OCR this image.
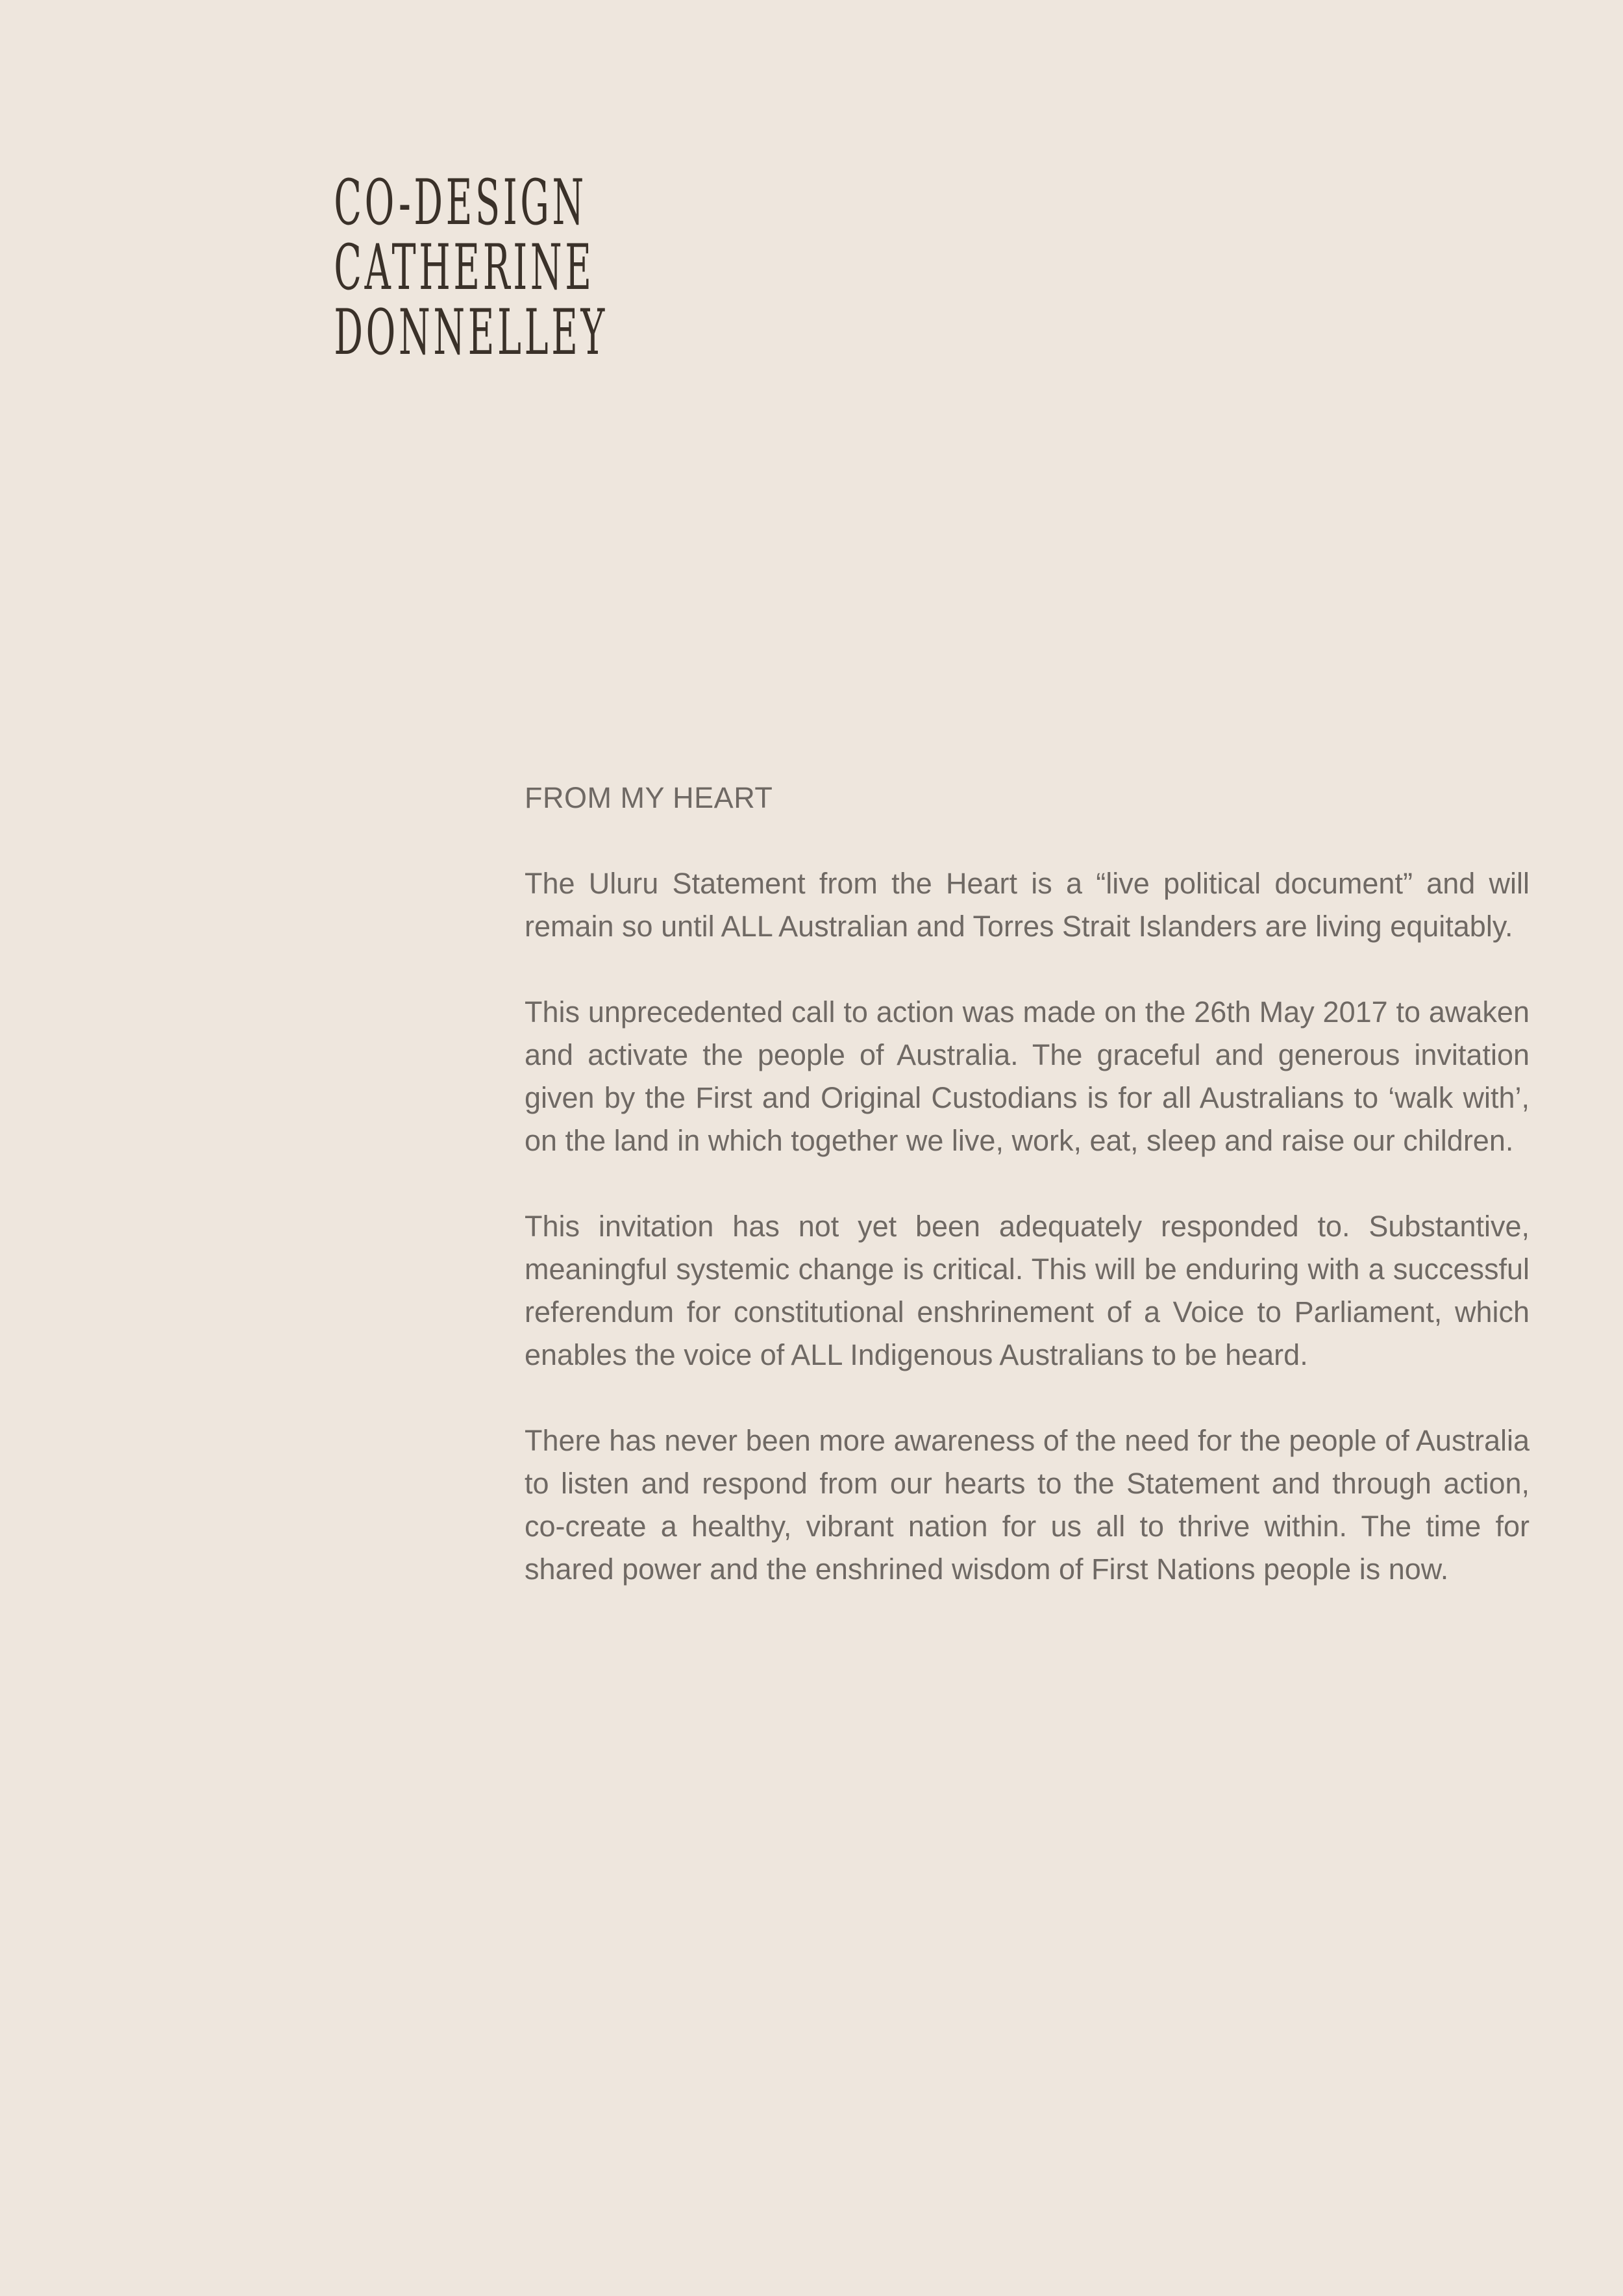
CO-DESIGN
CATHERINE
DONNELLEY
FROM MY HEART

The Uluru Statement from the Heart is a “live political document” and will remain so until ALL Australian and Torres Strait Islanders are living equitably.

This unprecedented call to action was made on the 26th May 2017 to awaken and activate the people of Australia. The graceful and generous invitation given by the First and Original Custodians is for all Australians to ‘walk with’, on the land in which together we live, work, eat, sleep and raise our children.

This invitation has not yet been adequately responded to. Substantive, meaningful systemic change is critical. This will be enduring with a successful referendum for constitutional enshrinement of a Voice to Parliament, which enables the voice of ALL Indigenous Australians to be heard.

There has never been more awareness of the need for the people of Australia to listen and respond from our hearts to the Statement and through action, co-create a healthy, vibrant nation for us all to thrive within. The time for shared power and the enshrined wisdom of First Nations people is now.
